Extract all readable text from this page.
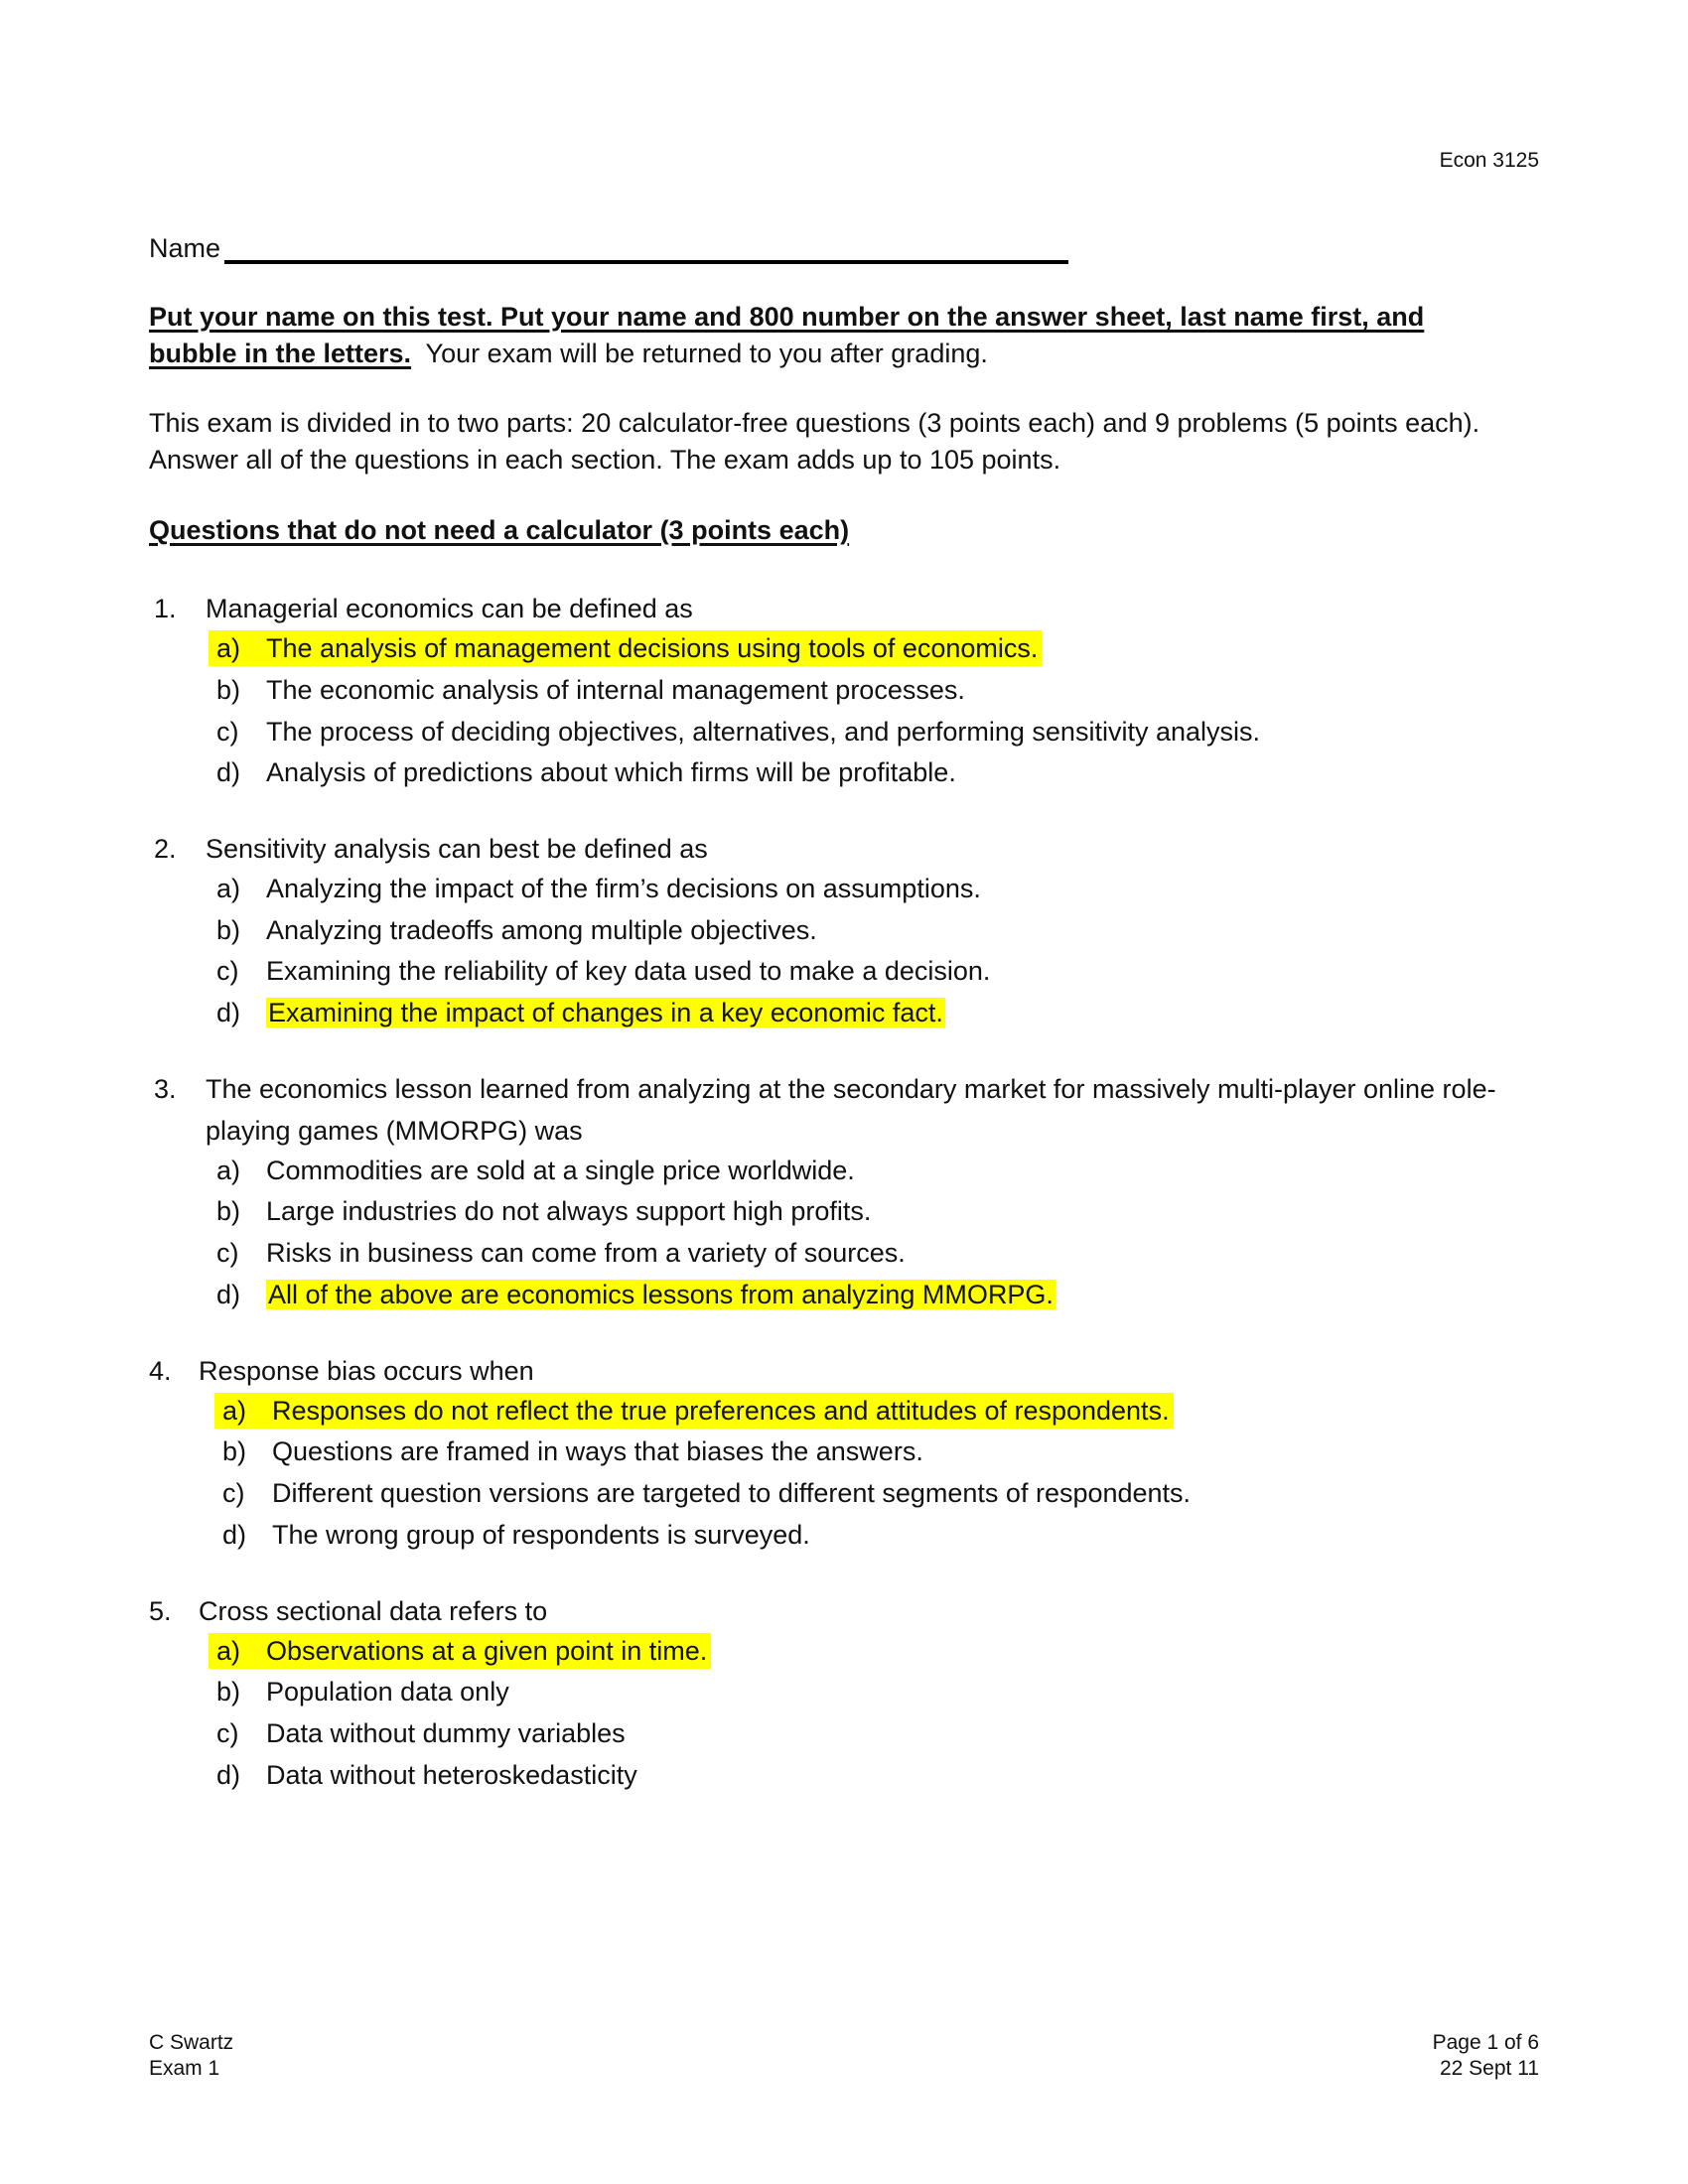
Econ 3125
Name
Put your name on this test. Put your name and 800 number on the answer sheet, last name first, and
bubble in the letters.  Your exam will be returned to you after grading.
This exam is divided in to two parts: 20 calculator-free questions (3 points each) and 9 problems (5 points each).
Answer all of the questions in each section. The exam adds up to 105 points.
Questions that do not need a calculator (3 points each)
1. Managerial economics can be defined as
a) The analysis of management decisions using tools of economics.
b) The economic analysis of internal management processes.
c) The process of deciding objectives, alternatives, and performing sensitivity analysis.
d) Analysis of predictions about which firms will be profitable.
2. Sensitivity analysis can best be defined as
a) Analyzing the impact of the firm’s decisions on assumptions.
b) Analyzing tradeoffs among multiple objectives.
c) Examining the reliability of key data used to make a decision.
d) Examining the impact of changes in a key economic fact.
3. The economics lesson learned from analyzing at the secondary market for massively multi-player online role-
playing games (MMORPG) was
a) Commodities are sold at a single price worldwide.
b) Large industries do not always support high profits.
c) Risks in business can come from a variety of sources.
d) All of the above are economics lessons from analyzing MMORPG.
4. Response bias occurs when
a) Responses do not reflect the true preferences and attitudes of respondents.
b) Questions are framed in ways that biases the answers.
c) Different question versions are targeted to different segments of respondents.
d) The wrong group of respondents is surveyed.
5. Cross sectional data refers to
a) Observations at a given point in time.
b) Population data only
c) Data without dummy variables
d) Data without heteroskedasticity
C Swartz
Exam 1
Page 1 of 6
22 Sept 11
